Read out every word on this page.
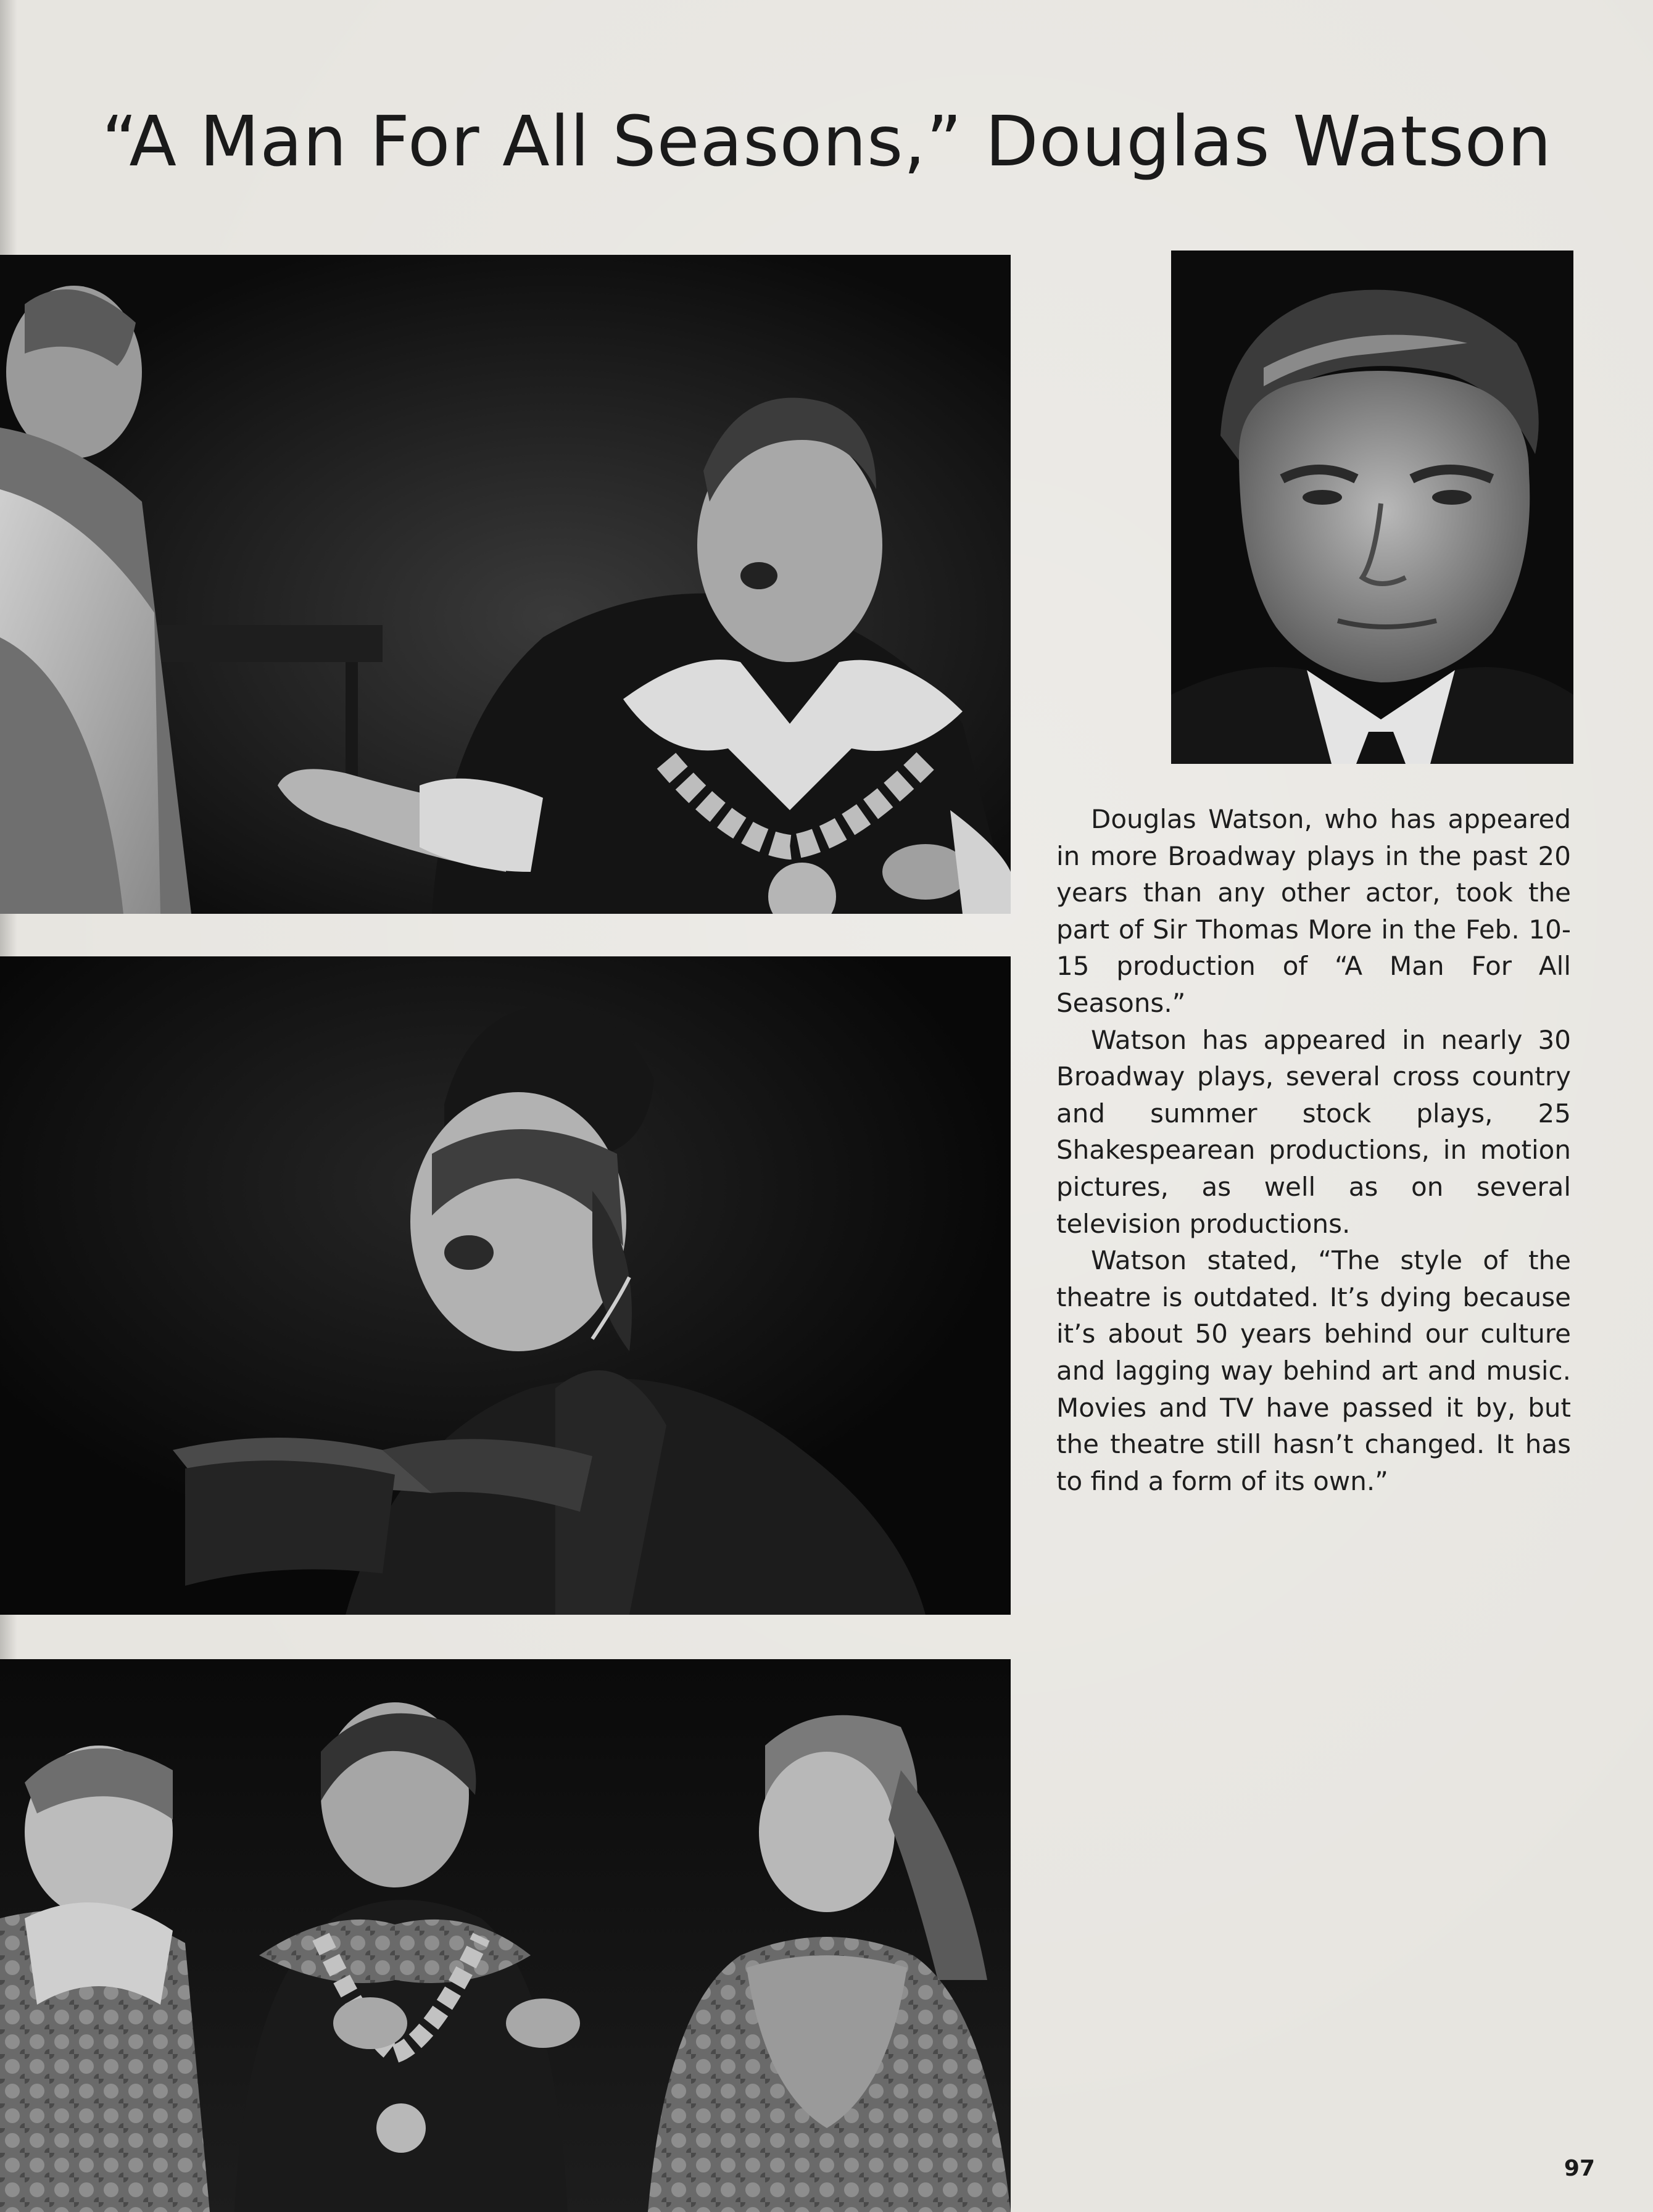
“A Man For All Seasons,” Douglas Watson

Douglas Watson, who has appeared in more Broadway plays in the past 20 years than any other actor, took the part of Sir Thomas More in the Feb. 10-15 production of “A Man For All Seasons.”

Watson has appeared in nearly 30 Broadway plays, several cross country and summer stock plays, 25 Shakespearean productions, in motion pictures, as well as on several television productions.

Watson stated, “The style of the theatre is outdated. It’s dying because it’s about 50 years behind our culture and lagging way behind art and music. Movies and TV have passed it by, but the theatre still hasn’t changed. It has to find a form of its own.”

97
